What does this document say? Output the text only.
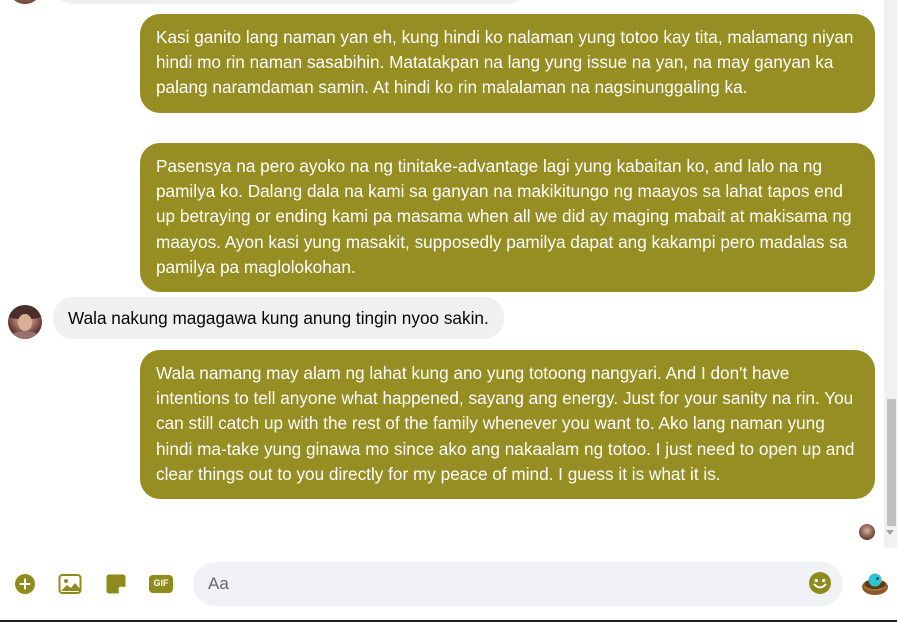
Kasi ganito lang naman yan eh, kung hindi ko nalaman yung totoo kay tita, malamang niyan hindi mo rin naman sasabihin. Matatakpan na lang yung issue na yan, na may ganyan ka palang naramdaman samin. At hindi ko rin malalaman na nagsinunggaling ka.
Pasensya na pero ayoko na ng tinitake-advantage lagi yung kabaitan ko, and lalo na ng pamilya ko. Dalang dala na kami sa ganyan na makikitungo ng maayos sa lahat tapos end up betraying or ending kami pa masama when all we did ay maging mabait at makisama ng maayos. Ayon kasi yung masakit, supposedly pamilya dapat ang kakampi pero madalas sa pamilya pa maglolokohan.
Wala nakung magagawa kung anung tingin nyoo sakin.
Wala namang may alam ng lahat kung ano yung totoong nangyari. And I don't have intentions to tell anyone what happened, sayang ang energy. Just for your sanity na rin. You can still catch up with the rest of the family whenever you want to. Ako lang naman yung hindi ma-take yung ginawa mo since ako ang nakaalam ng totoo. I just need to open up and clear things out to you directly for my peace of mind. I guess it is what it is.
GIF
Aa
